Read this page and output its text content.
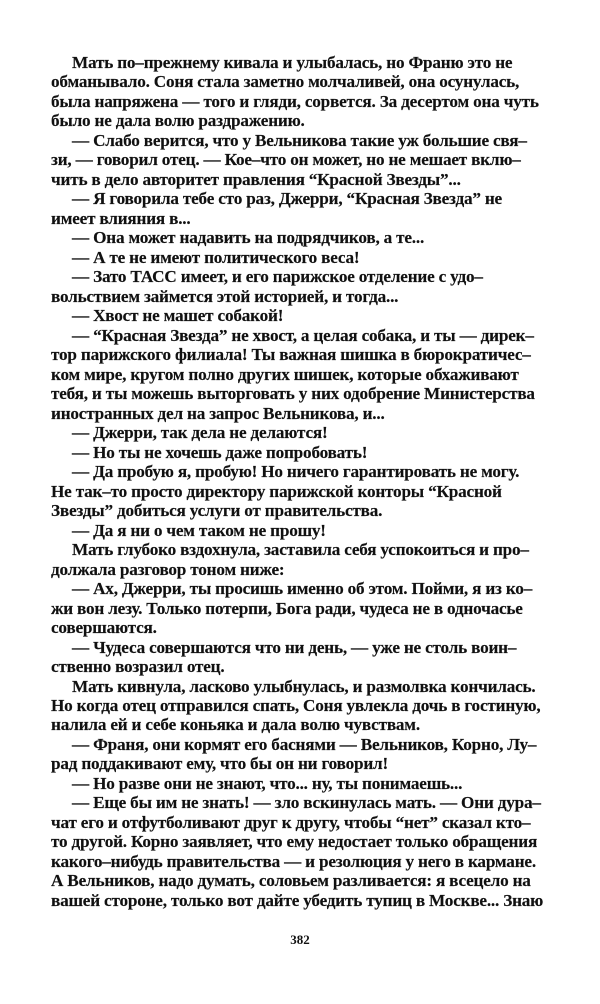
Мать по–прежнему кивала и улыбалась, но Франю это не
обманывало. Соня стала заметно молчаливей, она осунулась,
была напряжена — того и гляди, сорвется. За десертом она чуть
было не дала волю раздражению.
— Слабо верится, что у Вельникова такие уж большие свя–
зи, — говорил отец. — Кое–что он может, но не мешает вклю–
чить в дело авторитет правления “Красной Звезды”...
— Я говорила тебе сто раз, Джерри, “Красная Звезда” не
имеет влияния в...
— Она может надавить на подрядчиков, а те...
— А те не имеют политического веса!
— Зато ТАСС имеет, и его парижское отделение с удо–
вольствием займется этой историей, и тогда...
— Хвост не машет собакой!
— “Красная Звезда” не хвост, а целая собака, и ты — дирек–
тор парижского филиала! Ты важная шишка в бюрократичес–
ком мире, кругом полно других шишек, которые обхаживают
тебя, и ты можешь выторговать у них одобрение Министерства
иностранных дел на запрос Вельникова, и...
— Джерри, так дела не делаются!
— Но ты не хочешь даже попробовать!
— Да пробую я, пробую! Но ничего гарантировать не могу.
Не так–то просто директору парижской конторы “Красной
Звезды” добиться услуги от правительства.
— Да я ни о чем таком не прошу!
Мать глубоко вздохнула, заставила себя успокоиться и про–
должала разговор тоном ниже:
— Ах, Джерри, ты просишь именно об этом. Пойми, я из ко–
жи вон лезу. Только потерпи, Бога ради, чудеса не в одночасье
совершаются.
— Чудеса совершаются что ни день, — уже не столь воин–
ственно возразил отец.
Мать кивнула, ласково улыбнулась, и размолвка кончилась.
Но когда отец отправился спать, Соня увлекла дочь в гостиную,
налила ей и себе коньяка и дала волю чувствам.
— Франя, они кормят его баснями — Вельников, Корно, Лу–
рад поддакивают ему, что бы он ни говорил!
— Но разве они не знают, что... ну, ты понимаешь...
— Еще бы им не знать! — зло вскинулась мать. — Они дура–
чат его и отфутболивают друг к другу, чтобы “нет” сказал кто–
то другой. Корно заявляет, что ему недостает только обращения
какого–нибудь правительства — и резолюция у него в кармане.
А Вельников, надо думать, соловьем разливается: я всецело на
вашей стороне, только вот дайте убедить тупиц в Москве... Знаю
382
